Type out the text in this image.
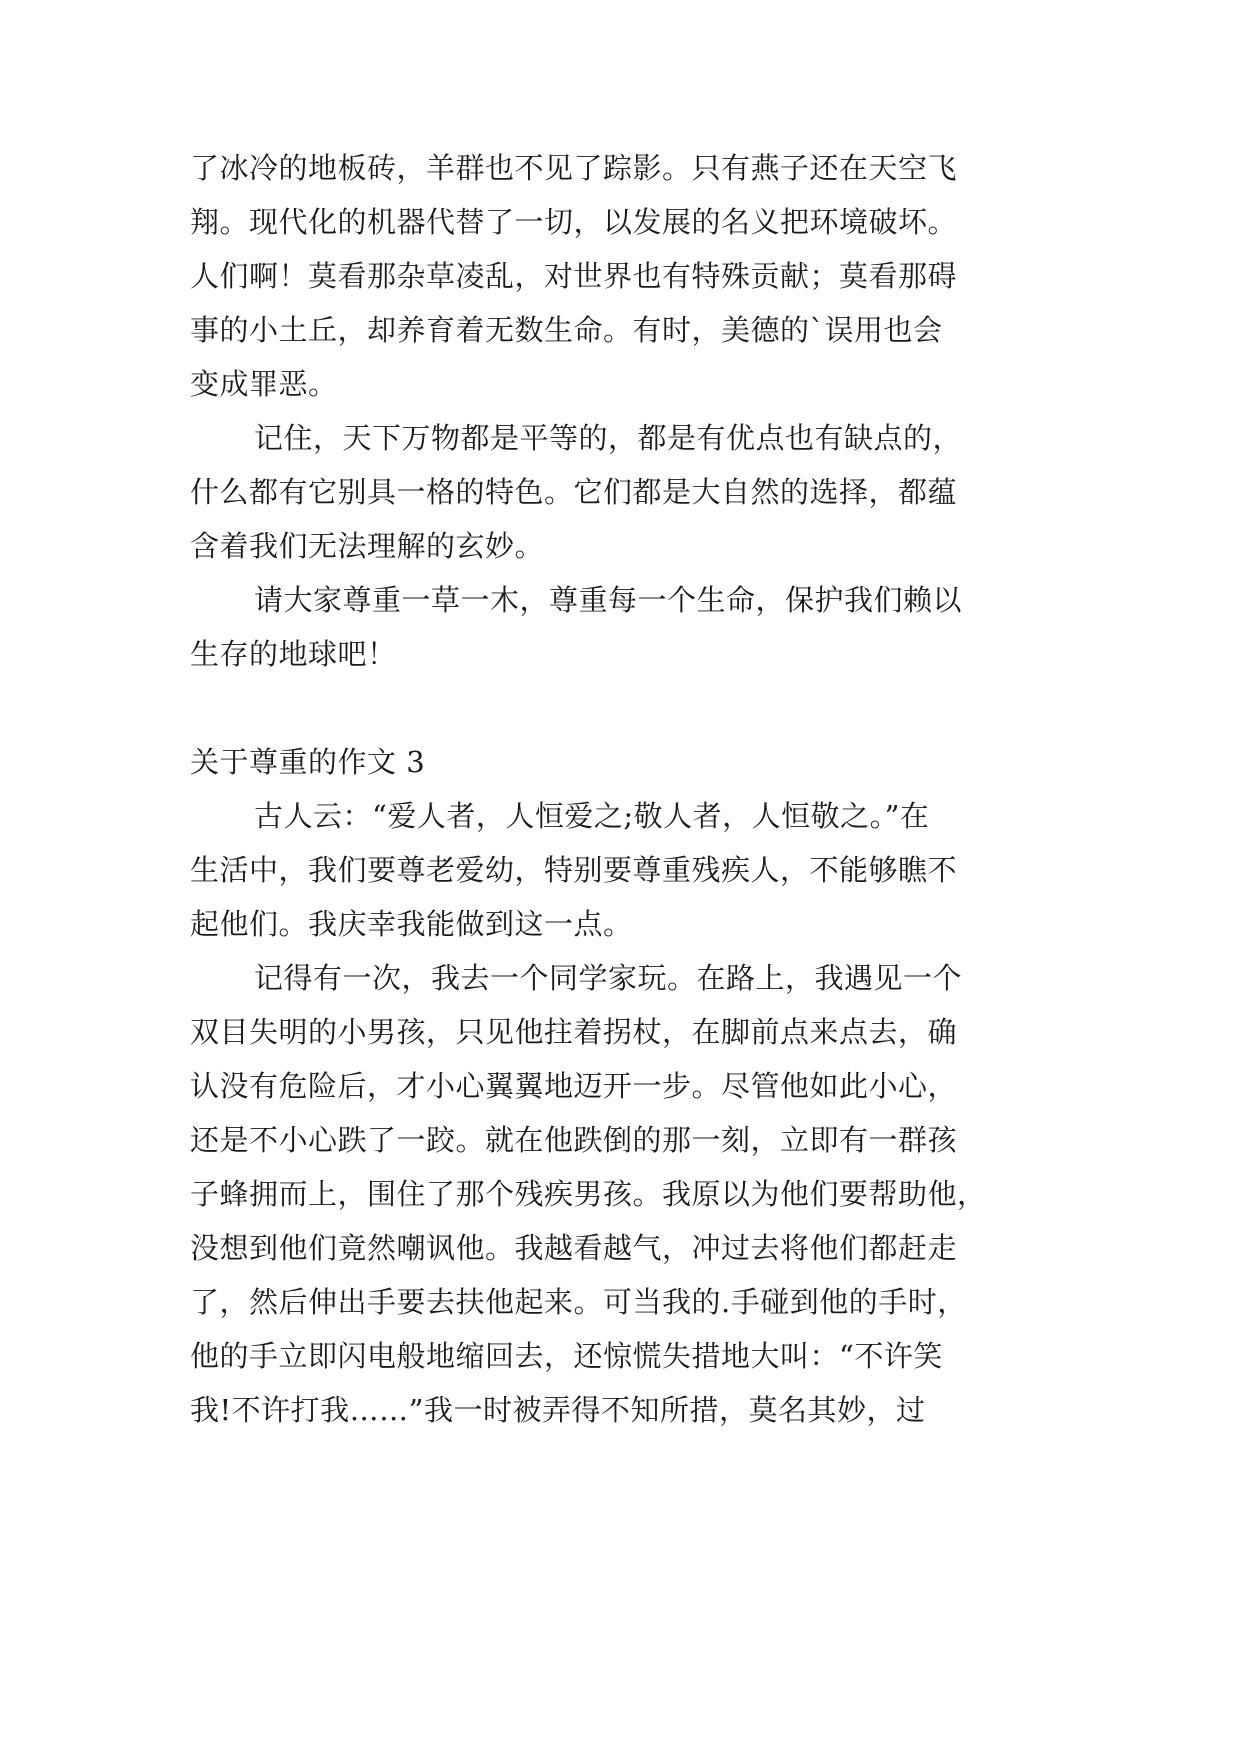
了冰冷的地板砖，羊群也不见了踪影。只有燕子还在天空飞
翔。现代化的机器代替了一切，以发展的名义把环境破坏。
人们啊！莫看那杂草凌乱，对世界也有特殊贡献；莫看那碍
事的小土丘，却养育着无数生命。有时，美德的`误用也会
变成罪恶。
记住，天下万物都是平等的，都是有优点也有缺点的，
什么都有它别具一格的特色。它们都是大自然的选择，都蕴
含着我们无法理解的玄妙。
请大家尊重一草一木，尊重每一个生命，保护我们赖以
生存的地球吧！
关于尊重的作文 3
古人云：“爱人者，人恒爱之;敬人者，人恒敬之。”在
生活中，我们要尊老爱幼，特别要尊重残疾人，不能够瞧不
起他们。我庆幸我能做到这一点。
记得有一次，我去一个同学家玩。在路上，我遇见一个
双目失明的小男孩，只见他拄着拐杖，在脚前点来点去，确
认没有危险后，才小心翼翼地迈开一步。尽管他如此小心，
还是不小心跌了一跤。就在他跌倒的那一刻，立即有一群孩
子蜂拥而上，围住了那个残疾男孩。我原以为他们要帮助他，
没想到他们竟然嘲讽他。我越看越气，冲过去将他们都赶走
了，然后伸出手要去扶他起来。可当我的.手碰到他的手时，
他的手立即闪电般地缩回去，还惊慌失措地大叫：“不许笑
我!不许打我……”我一时被弄得不知所措，莫名其妙，过
